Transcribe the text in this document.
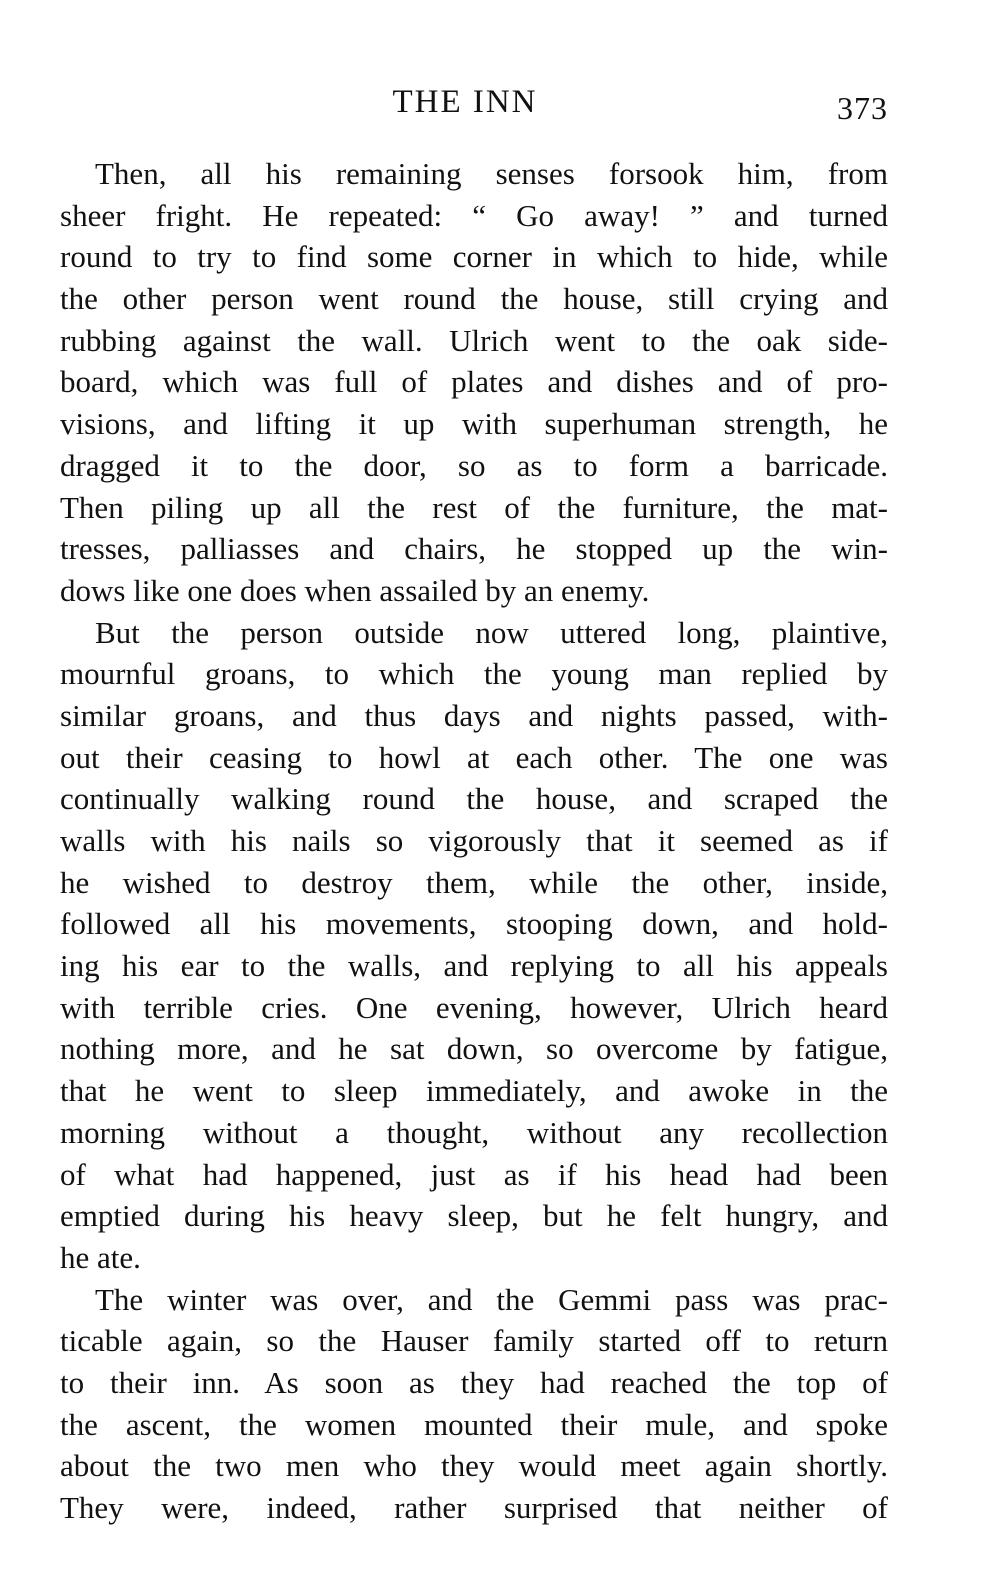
THE INN	373
Then, all his remaining senses forsook him, from
sheer fright. He repeated: “ Go away! ” and turned
round to try to find some corner in which to hide, while
the other person went round the house, still crying and
rubbing against the wall. Ulrich went to the oak side-
board, which was full of plates and dishes and of pro-
visions, and lifting it up with superhuman strength, he
dragged it to the door, so as to form a barricade.
Then piling up all the rest of the furniture, the mat-
tresses, palliasses and chairs, he stopped up the win-
dows like one does when assailed by an enemy.
But the person outside now uttered long, plaintive,
mournful groans, to which the young man replied by
similar groans, and thus days and nights passed, with-
out their ceasing to howl at each other. The one was
continually walking round the house, and scraped the
walls with his nails so vigorously that it seemed as if
he wished to destroy them, while the other, inside,
followed all his movements, stooping down, and hold-
ing his ear to the walls, and replying to all his appeals
with terrible cries. One evening, however, Ulrich heard
nothing more, and he sat down, so overcome by fatigue,
that he went to sleep immediately, and awoke in the
morning without a thought, without any recollection
of what had happened, just as if his head had been
emptied during his heavy sleep, but he felt hungry, and
he ate.
The winter was over, and the Gemmi pass was prac-
ticable again, so the Hauser family started off to return
to their inn. As soon as they had reached the top of
the ascent, the women mounted their mule, and spoke
about the two men who they would meet again shortly.
They were, indeed, rather surprised that neither of
